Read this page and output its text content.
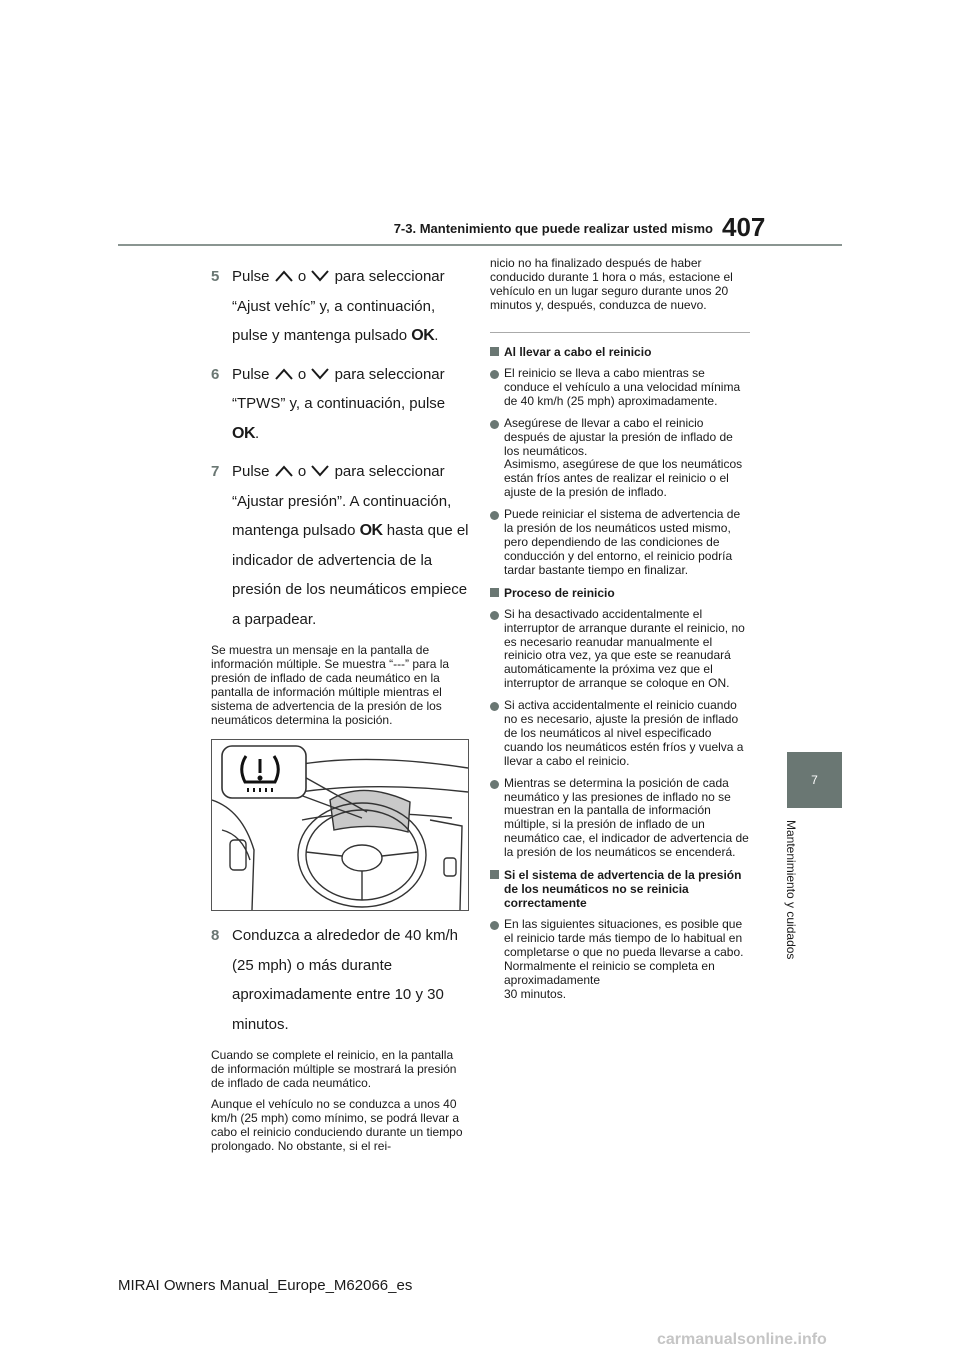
7-3. Mantenimiento que puede realizar usted mismo 407
7
Mantenimiento y cuidados
5 Pulse o para seleccionar “Ajust vehíc” y, a continuación, pulse y mantenga pulsado OK.
6 Pulse o para seleccionar “TPWS” y, a continuación, pulse OK.
7 Pulse o para seleccionar “Ajustar presión”. A continuación, mantenga pulsado OK hasta que el indicador de advertencia de la presión de los neumáticos empiece a parpadear.

Se muestra un mensaje en la pantalla de información múltiple. Se muestra “---” para la presión de inflado de cada neumático en la pantalla de información múltiple mientras el sistema de advertencia de la presión de los neumáticos determina la posición.

8 Conduzca a alrededor de 40 km/h (25 mph) o más durante aproximadamente entre 10 y 30 minutos.

Cuando se complete el reinicio, en la pantalla de información múltiple se mostrará la presión de inflado de cada neumático.

Aunque el vehículo no se conduzca a unos 40 km/h (25 mph) como mínimo, se podrá llevar a cabo el reinicio conduciendo durante un tiempo prolongado. No obstante, si el rei-

nicio no ha finalizado después de haber conducido durante 1 hora o más, estacione el vehículo en un lugar seguro durante unos 20 minutos y, después, conduzca de nuevo.

Al llevar a cabo el reinicio
El reinicio se lleva a cabo mientras se conduce el vehículo a una velocidad mínima de 40 km/h (25 mph) aproximadamente.
Asegúrese de llevar a cabo el reinicio después de ajustar la presión de inflado de los neumáticos.
Asimismo, asegúrese de que los neumáticos están fríos antes de realizar el reinicio o el ajuste de la presión de inflado.
Puede reiniciar el sistema de advertencia de la presión de los neumáticos usted mismo, pero dependiendo de las condiciones de conducción y del entorno, el reinicio podría tardar bastante tiempo en finalizar.
Proceso de reinicio
Si ha desactivado accidentalmente el interruptor de arranque durante el reinicio, no es necesario reanudar manualmente el reinicio otra vez, ya que este se reanudará automáticamente la próxima vez que el interruptor de arranque se coloque en ON.
Si activa accidentalmente el reinicio cuando no es necesario, ajuste la presión de inflado de los neumáticos al nivel especificado cuando los neumáticos estén fríos y vuelva a llevar a cabo el reinicio.
Mientras se determina la posición de cada neumático y las presiones de inflado no se muestran en la pantalla de información múltiple, si la presión de inflado de un neumático cae, el indicador de advertencia de la presión de los neumáticos se encenderá.
Si el sistema de advertencia de la presión de los neumáticos no se reinicia correctamente
En las siguientes situaciones, es posible que el reinicio tarde más tiempo de lo habitual en completarse o que no pueda llevarse a cabo. Normalmente el reinicio se completa en aproximadamente
30 minutos.
MIRAI Owners Manual_Europe_M62066_es
carmanualsonline.info
